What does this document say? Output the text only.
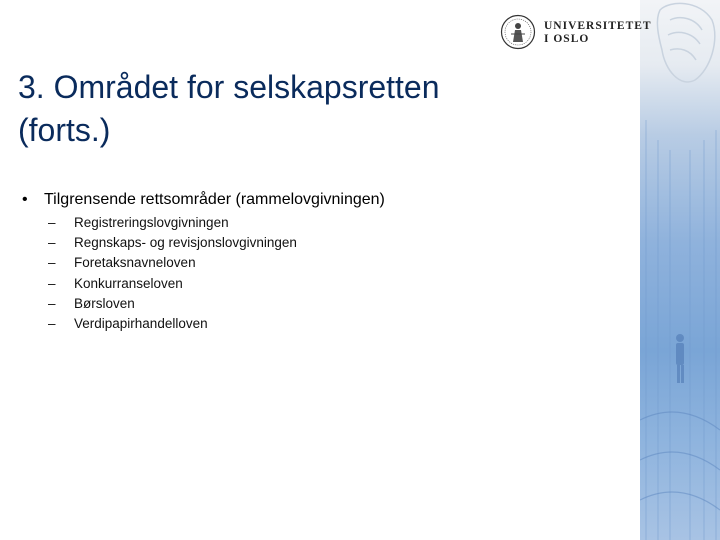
UNIVERSITETET
I OSLO
3. Området for selskapsretten
(forts.)
• Tilgrensende rettsområder (rammelovgivningen)
– Registreringslovgivningen
– Regnskaps- og revisjonslovgivningen
– Foretaksnavneloven
– Konkurranseloven
– Børsloven
– Verdipapirhandelloven
